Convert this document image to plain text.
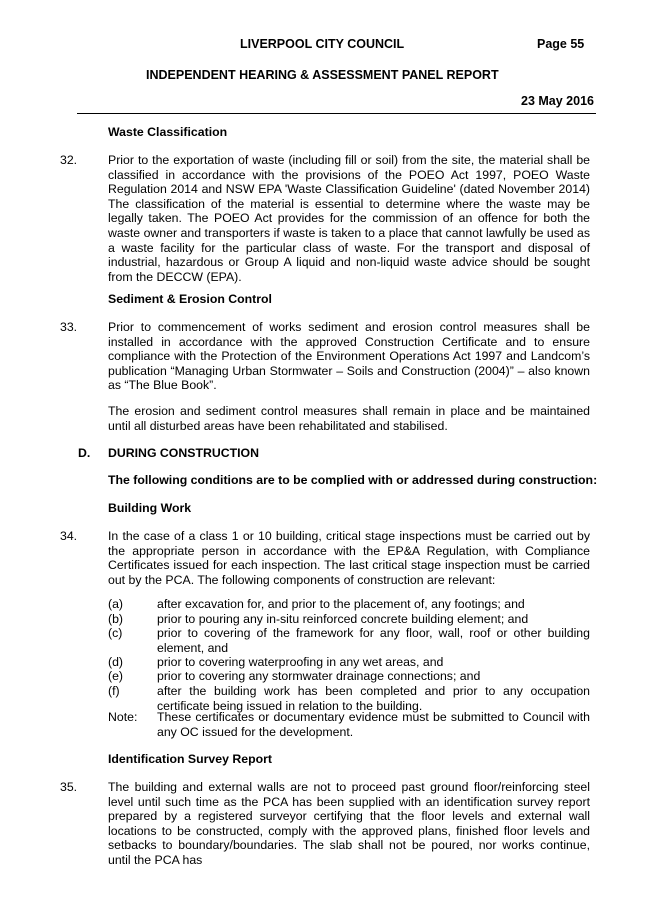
LIVERPOOL CITY COUNCIL	Page 55
INDEPENDENT HEARING & ASSESSMENT PANEL REPORT
23 May 2016
Waste Classification
32.	Prior to the exportation of waste (including fill or soil) from the site, the material shall be classified in accordance with the provisions of the POEO Act 1997, POEO Waste Regulation 2014 and NSW EPA 'Waste Classification Guideline' (dated November 2014) The classification of the material is essential to determine where the waste may be legally taken. The POEO Act provides for the commission of an offence for both the waste owner and transporters if waste is taken to a place that cannot lawfully be used as a waste facility for the particular class of waste. For the transport and disposal of industrial, hazardous or Group A liquid and non-liquid waste advice should be sought from the DECCW (EPA).
Sediment & Erosion Control
33.	Prior to commencement of works sediment and erosion control measures shall be installed in accordance with the approved Construction Certificate and to ensure compliance with the Protection of the Environment Operations Act 1997 and Landcom’s publication “Managing Urban Stormwater – Soils and Construction (2004)” – also known as “The Blue Book”.
The erosion and sediment control measures shall remain in place and be maintained until all disturbed areas have been rehabilitated and stabilised.
D. DURING CONSTRUCTION
The following conditions are to be complied with or addressed during construction:
Building Work
34.	In the case of a class 1 or 10 building, critical stage inspections must be carried out by the appropriate person in accordance with the EP&A Regulation, with Compliance Certificates issued for each inspection. The last critical stage inspection must be carried out by the PCA. The following components of construction are relevant:
(a)	after excavation for, and prior to the placement of, any footings; and
(b)	prior to pouring any in-situ reinforced concrete building element; and
(c)	prior to covering of the framework for any floor, wall, roof or other building element, and
(d)	prior to covering waterproofing in any wet areas, and
(e)	prior to covering any stormwater drainage connections; and
(f)	after the building work has been completed and prior to any occupation certificate being issued in relation to the building.
Note:	These certificates or documentary evidence must be submitted to Council with any OC issued for the development.
Identification Survey Report
35.	The building and external walls are not to proceed past ground floor/reinforcing steel level until such time as the PCA has been supplied with an identification survey report prepared by a registered surveyor certifying that the floor levels and external wall locations to be constructed, comply with the approved plans, finished floor levels and setbacks to boundary/boundaries. The slab shall not be poured, nor works continue, until the PCA has
